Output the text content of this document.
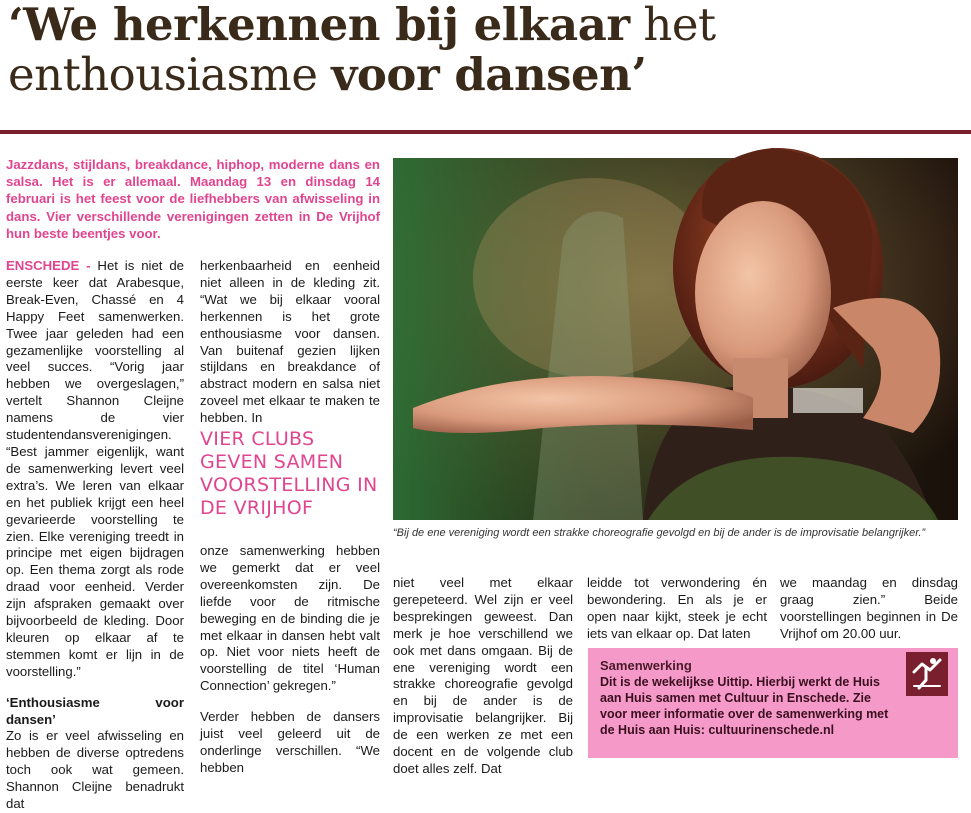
‘We herkennen bij elkaar het
enthousiasme voor dansen’
Jazzdans, stijldans, breakdance, hiphop, moderne dans en salsa. Het is er allemaal. Maandag 13 en dinsdag 14 februari is het feest voor de liefhebbers van afwisseling in dans. Vier verschillende verenigingen zetten in De Vrijhof hun beste beentjes voor.

ENSCHEDE - Het is niet de eerste keer dat Arabesque, Break-Even, Chassé en 4 Happy Feet samenwerken. Twee jaar geleden had een gezamenlijke voorstelling al veel succes. “Vorig jaar hebben we overgeslagen,” vertelt Shannon Cleijne namens de vier studentendansverenigingen. “Best jammer eigenlijk, want de samenwerking levert veel extra’s. We leren van elkaar en het publiek krijgt een heel gevarieerde voorstelling te zien. Elke vereniging treedt in principe met eigen bijdragen op. Een thema zorgt als rode draad voor eenheid. Verder zijn afspraken gemaakt over bijvoorbeeld de kleding. Door kleuren op elkaar af te stemmen komt er lijn in de voorstelling.”

‘Enthousiasme voor dansen’

Zo is er veel afwisseling en hebben de diverse optredens toch ook wat gemeen. Shannon Cleijne benadrukt dat

herkenbaarheid en eenheid niet alleen in de kleding zit. “Wat we bij elkaar vooral herkennen is het grote enthousiasme voor dansen. Van buitenaf gezien lijken stijldans en breakdance of abstract modern en salsa niet zoveel met elkaar te maken te hebben. In

VIER CLUBS GEVEN SAMEN VOORSTELLING IN DE VRIJHOF

onze samenwerking hebben we gemerkt dat er veel overeenkomsten zijn. De liefde voor de ritmische beweging en de binding die je met elkaar in dansen hebt valt op. Niet voor niets heeft de voorstelling de titel ‘Human Connection’ gekregen.”

Verder hebben de dansers juist veel geleerd uit de onderlinge verschillen. “We hebben

“Bij de ene vereniging wordt een strakke choreografie gevolgd en bij de ander is de improvisatie belangrijker.”

niet veel met elkaar gerepeteerd. Wel zijn er veel besprekingen geweest. Dan merk je hoe verschillend we ook met dans omgaan. Bij de ene vereniging wordt een strakke choreografie gevolgd en bij de ander is de improvisatie belangrijker. Bij de een werken ze met een docent en de volgende club doet alles zelf. Dat

leidde tot verwondering én bewondering. En als je er open naar kijkt, steek je echt iets van elkaar op. Dat laten

we maandag en dinsdag graag zien.” Beide voorstellingen beginnen in De Vrijhof om 20.00 uur.

Samenwerking
Dit is de wekelijkse Uittip. Hierbij werkt de Huis aan Huis samen met Cultuur in Enschede. Zie voor meer informatie over de samenwerking met de Huis aan Huis: cultuurinenschede.nl
